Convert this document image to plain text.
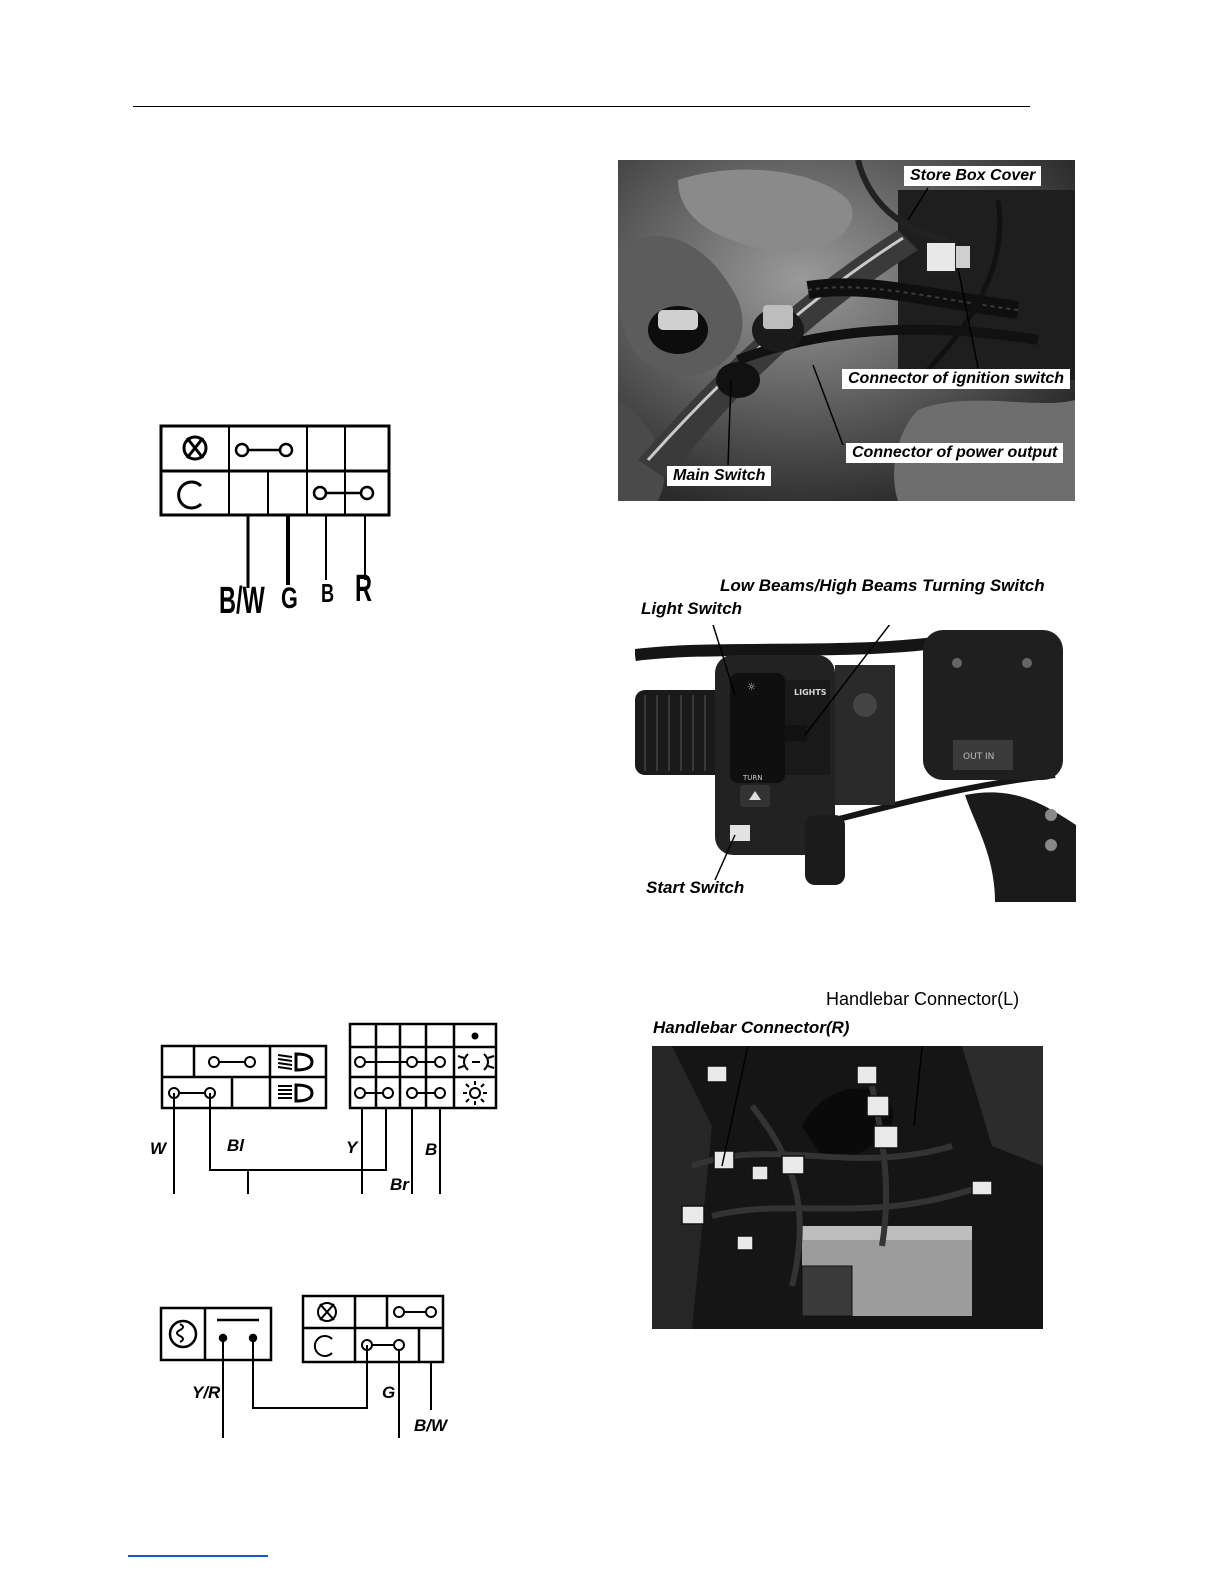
B/W G B R
W	Bl	Y
Br
B
Y/R	G
B/W
Store Box Cover
Connector of ignition switch
Connector of power output
Main Switch
LIGHTS
☼
TURN
OUT IN
Low Beams/High Beams Turning Switch
Light Switch
Start Switch
Handlebar Connector(L)
Handlebar Connector(R)
